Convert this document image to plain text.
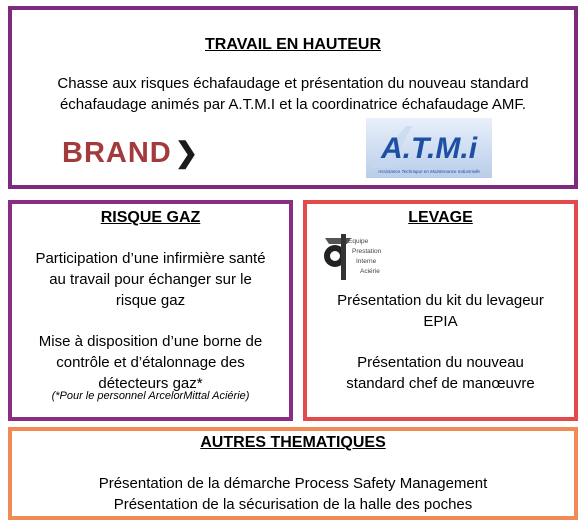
TRAVAIL EN HAUTEUR
Chasse aux risques échafaudage et présentation du nouveau standard
échafaudage animés par A.T.M.I et la coordinatrice échafaudage AMF.
BRAND ❯	A.T.M.i
Assistance Technique en Maintenance Industrielle
RISQUE GAZ
Participation d’une infirmière santé
au travail pour échanger sur le
risque gaz
Mise à disposition d’une borne de
contrôle et d’étalonnage des
détecteurs gaz*
(*Pour le personnel ArcelorMittal Aciérie)
LEVAGE
Equipe
Prestation
Interne
Aciérie
Présentation du kit du levageur
EPIA
Présentation du nouveau
standard chef de manœuvre
AUTRES THEMATIQUES
Présentation de la démarche Process Safety Management
Présentation de la sécurisation de la halle des poches
